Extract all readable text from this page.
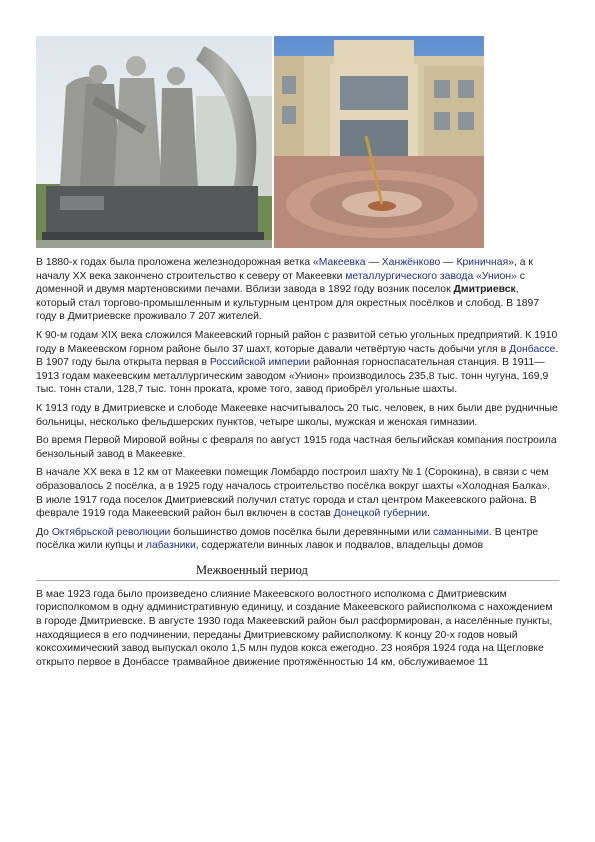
В 1880-х годах была проложена железнодорожная ветка «Макеевка — Ханжёнково — Криничная», а к началу XX века закончено строительство к северу от Макеевки металлургического завода «Унион» с доменной и двумя мартеновскими печами. Вблизи завода в 1892 году возник поселок Дмитриевск, который стал торгово-промышленным и культурным центром для окрестных посёлков и слобод. В 1897 году в Дмитриевске проживало 7 207 жителей.

К 90-м годам XIX века сложился Макеевский горный район с развитой сетью угольных предприятий. К 1910 году в Макеевском горном районе было 37 шахт, которые давали четвёртую часть добычи угля в Донбассе. В 1907 году была открыта первая в Российской империи районная горноспасательная станция. В 1911—1913 годам макеевским металлургическим заводом «Унион» производилось 235,8 тыс. тонн чугуна, 169,9 тыс. тонн стали, 128,7 тыс. тонн проката, кроме того, завод приобрёл угольные шахты.

К 1913 году в Дмитриевске и слободе Макеевке насчитывалось 20 тыс. человек, в них были две рудничные больницы, несколько фельдшерских пунктов, четыре школы, мужская и женская гимназии.

Во время Первой Мировой войны с февраля по август 1915 года частная бельгийская компания построила бензольный завод в Макеевке.

В начале XX века в 12 км от Макеевки помещик Ломбардо построил шахту № 1 (Сорокина), в связи с чем образовалось 2 посёлка, а в 1925 году началось строительство посёлка вокруг шахты «Холодная Балка». В июле 1917 года поселок Дмитриевский получил статус города и стал центром Макеевского района. В феврале 1919 года Макеевский район был включен в состав Донецкой губернии.

До Октябрьской революции большинство домов посёлка были деревянными или саманными. В центре посёлка жили купцы и лабазники, содержатели винных лавок и подвалов, владельцы домов

Межвоенный период

В мае 1923 года было произведено слияние Макеевского волостного исполкома с Дмитриевским горисполкомом в одну административную единицу, и создание Макеевского райисполкома с нахождением в городе Дмитриевске. В августе 1930 года Макеевский район был расформирован, а населённые пункты, находящиеся в его подчинении, переданы Дмитриевскому райисполкому. К концу 20-х годов новый коксохимический завод выпускал около 1,5 млн пудов кокса ежегодно. 23 ноября 1924 года на Щегловке открыто первое в Донбассе трамвайное движение протяжённостью 14 км, обслуживаемое 11
